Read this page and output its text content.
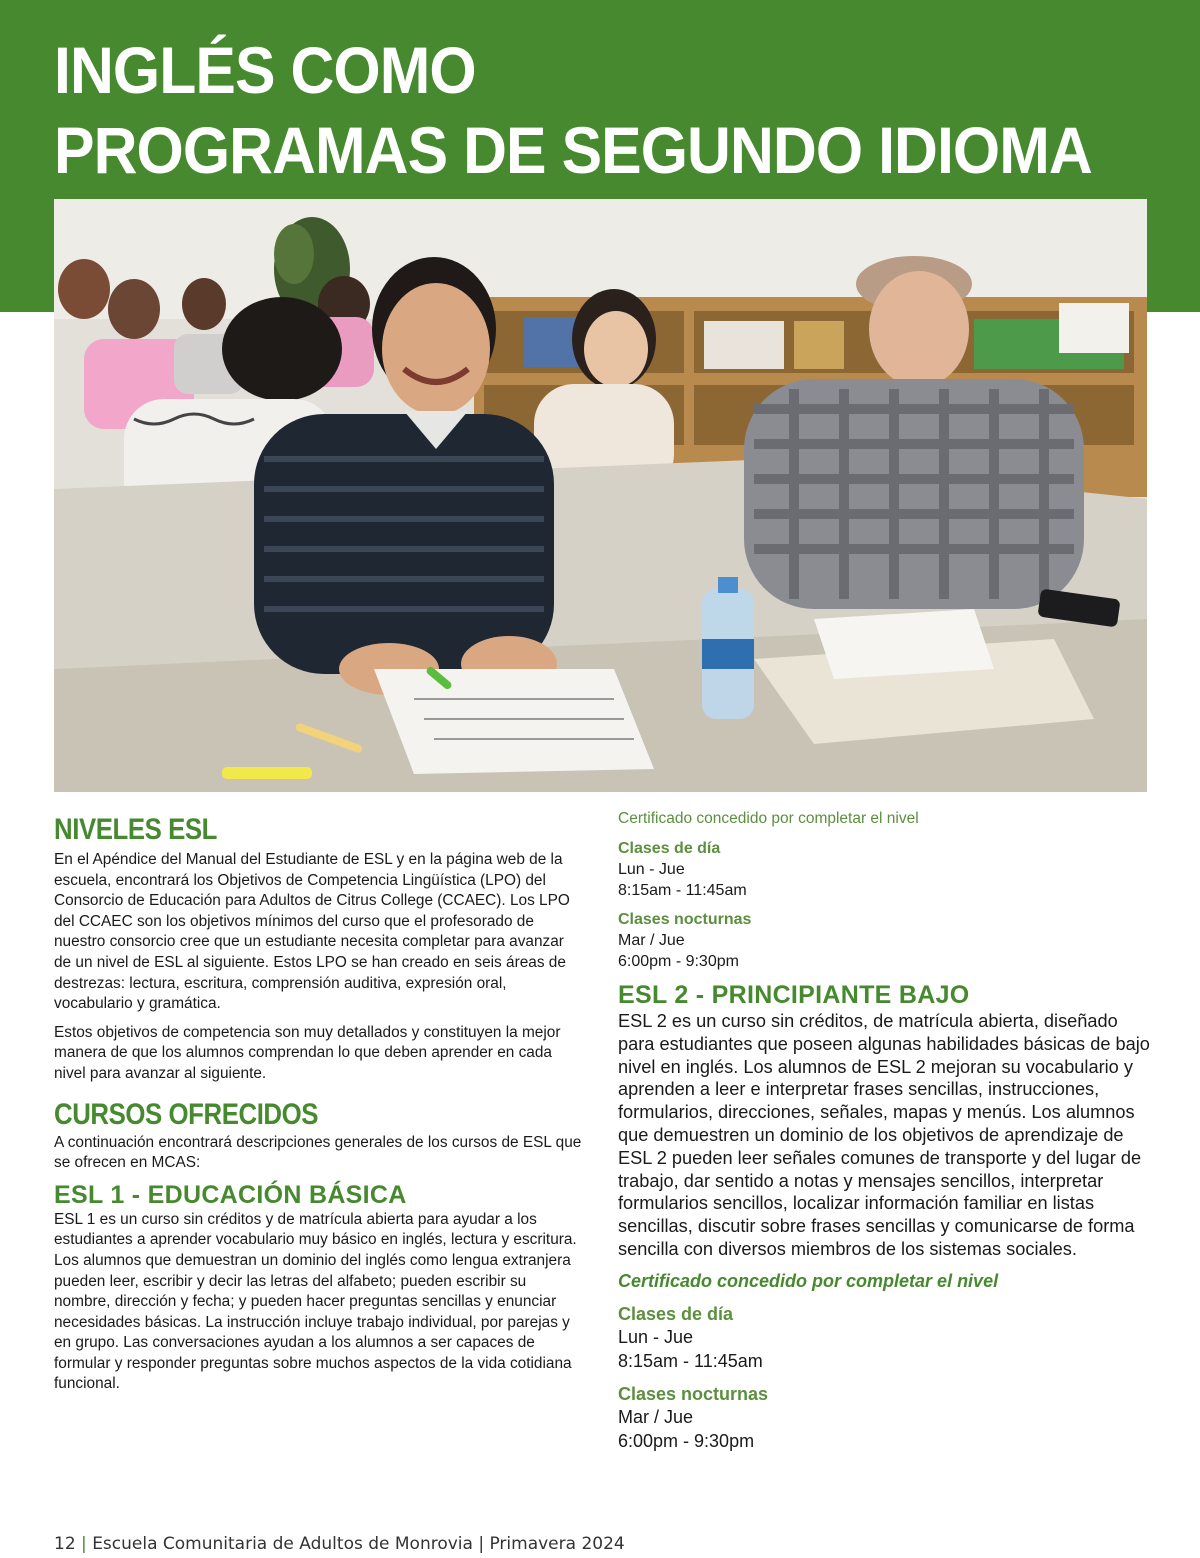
INGLÉS COMO
PROGRAMAS DE SEGUNDO IDIOMA
NIVELES ESL

En el Apéndice del Manual del Estudiante de ESL y en la página web de la escuela, encontrará los Objetivos de Competencia Lingüística (LPO) del Consorcio de Educación para Adultos de Citrus College (CCAEC). Los LPO del CCAEC son los objetivos mínimos del curso que el profesorado de nuestro consorcio cree que un estudiante necesita completar para avanzar de un nivel de ESL al siguiente. Estos LPO se han creado en seis áreas de destrezas: lectura, escritura, comprensión auditiva, expresión oral, vocabulario y gramática.

Estos objetivos de competencia son muy detallados y constituyen la mejor manera de que los alumnos comprendan lo que deben aprender en cada nivel para avanzar al siguiente.

CURSOS OFRECIDOS

A continuación encontrará descripciones generales de los cursos de ESL que se ofrecen en MCAS:

ESL 1 - EDUCACIÓN BÁSICA

ESL 1 es un curso sin créditos y de matrícula abierta para ayudar a los estudiantes a aprender vocabulario muy básico en inglés, lectura y escritura. Los alumnos que demuestran un dominio del inglés como lengua extranjera pueden leer, escribir y decir las letras del alfabeto; pueden escribir su nombre, dirección y fecha; y pueden hacer preguntas sencillas y enunciar necesidades básicas. La instrucción incluye trabajo individual, por parejas y en grupo. Las conversaciones ayudan a los alumnos a ser capaces de formular y responder preguntas sobre muchos aspectos de la vida cotidiana funcional.

Certificado concedido por completar el nivel
Clases de día
Lun - Jue
8:15am - 11:45am
Clases nocturnas
Mar / Jue
6:00pm - 9:30pm
ESL 2 - PRINCIPIANTE BAJO

ESL 2 es un curso sin créditos, de matrícula abierta, diseñado para estudiantes que poseen algunas habilidades básicas de bajo nivel en inglés. Los alumnos de ESL 2 mejoran su vocabulario y aprenden a leer e interpretar frases sencillas, instrucciones, formularios, direcciones, señales, mapas y menús. Los alumnos que demuestren un dominio de los objetivos de aprendizaje de ESL 2 pueden leer señales comunes de transporte y del lugar de trabajo, dar sentido a notas y mensajes sencillos, interpretar formularios sencillos, localizar información familiar en listas sencillas, discutir sobre frases sencillas y comunicarse de forma sencilla con diversos miembros de los sistemas sociales.

Certificado concedido por completar el nivel
Clases de día
Lun - Jue
8:15am - 11:45am
Clases nocturnas
Mar / Jue
6:00pm - 9:30pm
12 | Escuela Comunitaria de Adultos de Monrovia | Primavera 2024
